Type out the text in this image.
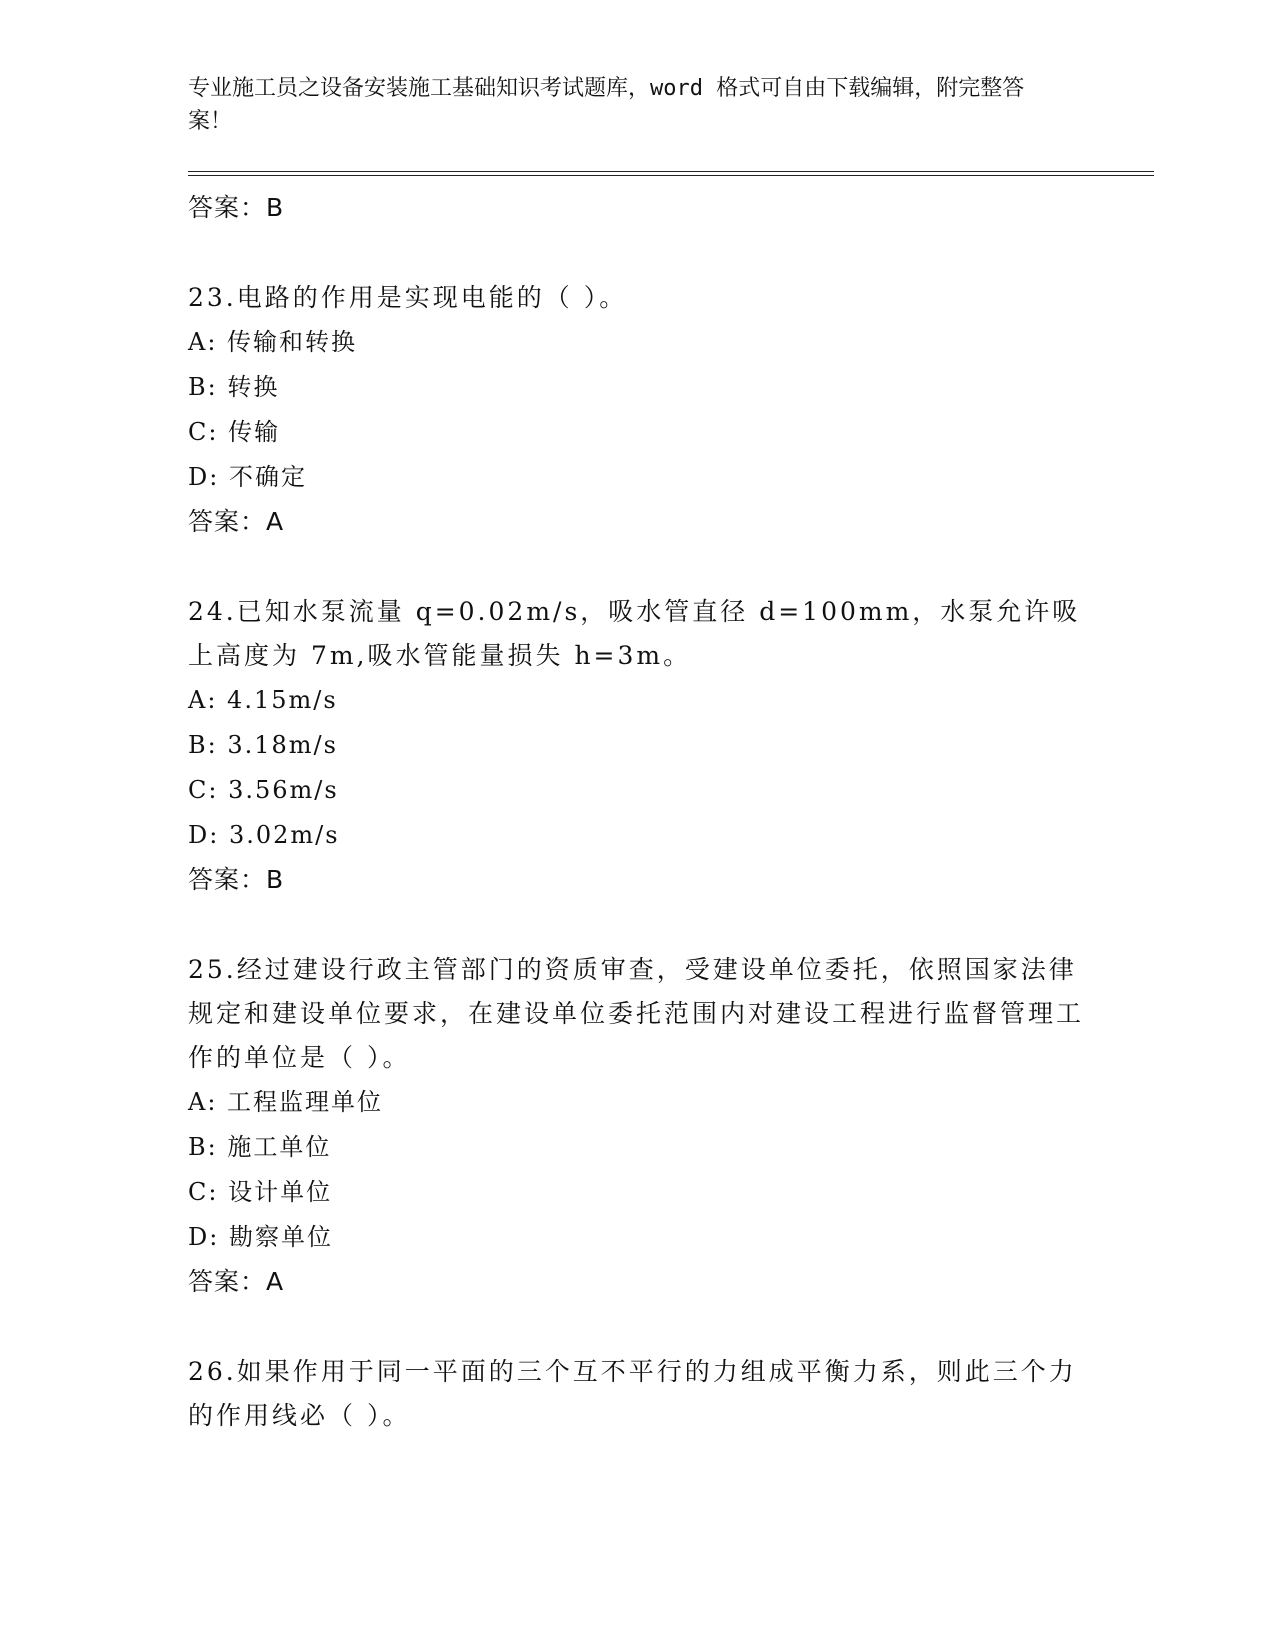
专业施工员之设备安装施工基础知识考试题库，word 格式可自由下载编辑，附完整答案！

答案：B

23.电路的作用是实现电能的（ ）。

A: 传输和转换

B: 转换

C: 传输

D: 不确定

答案：A

24.已知水泵流量 q=0.02m/s，吸水管直径 d=100mm，水泵允许吸上高度为 7m,吸水管能量损失 h=3m。

A: 4.15m/s

B: 3.18m/s

C: 3.56m/s

D: 3.02m/s

答案：B

25.经过建设行政主管部门的资质审查，受建设单位委托，依照国家法律规定和建设单位要求，在建设单位委托范围内对建设工程进行监督管理工作的单位是（ ）。

A: 工程监理单位

B: 施工单位

C: 设计单位

D: 勘察单位

答案：A

26.如果作用于同一平面的三个互不平行的力组成平衡力系，则此三个力的作用线必（ ）。
